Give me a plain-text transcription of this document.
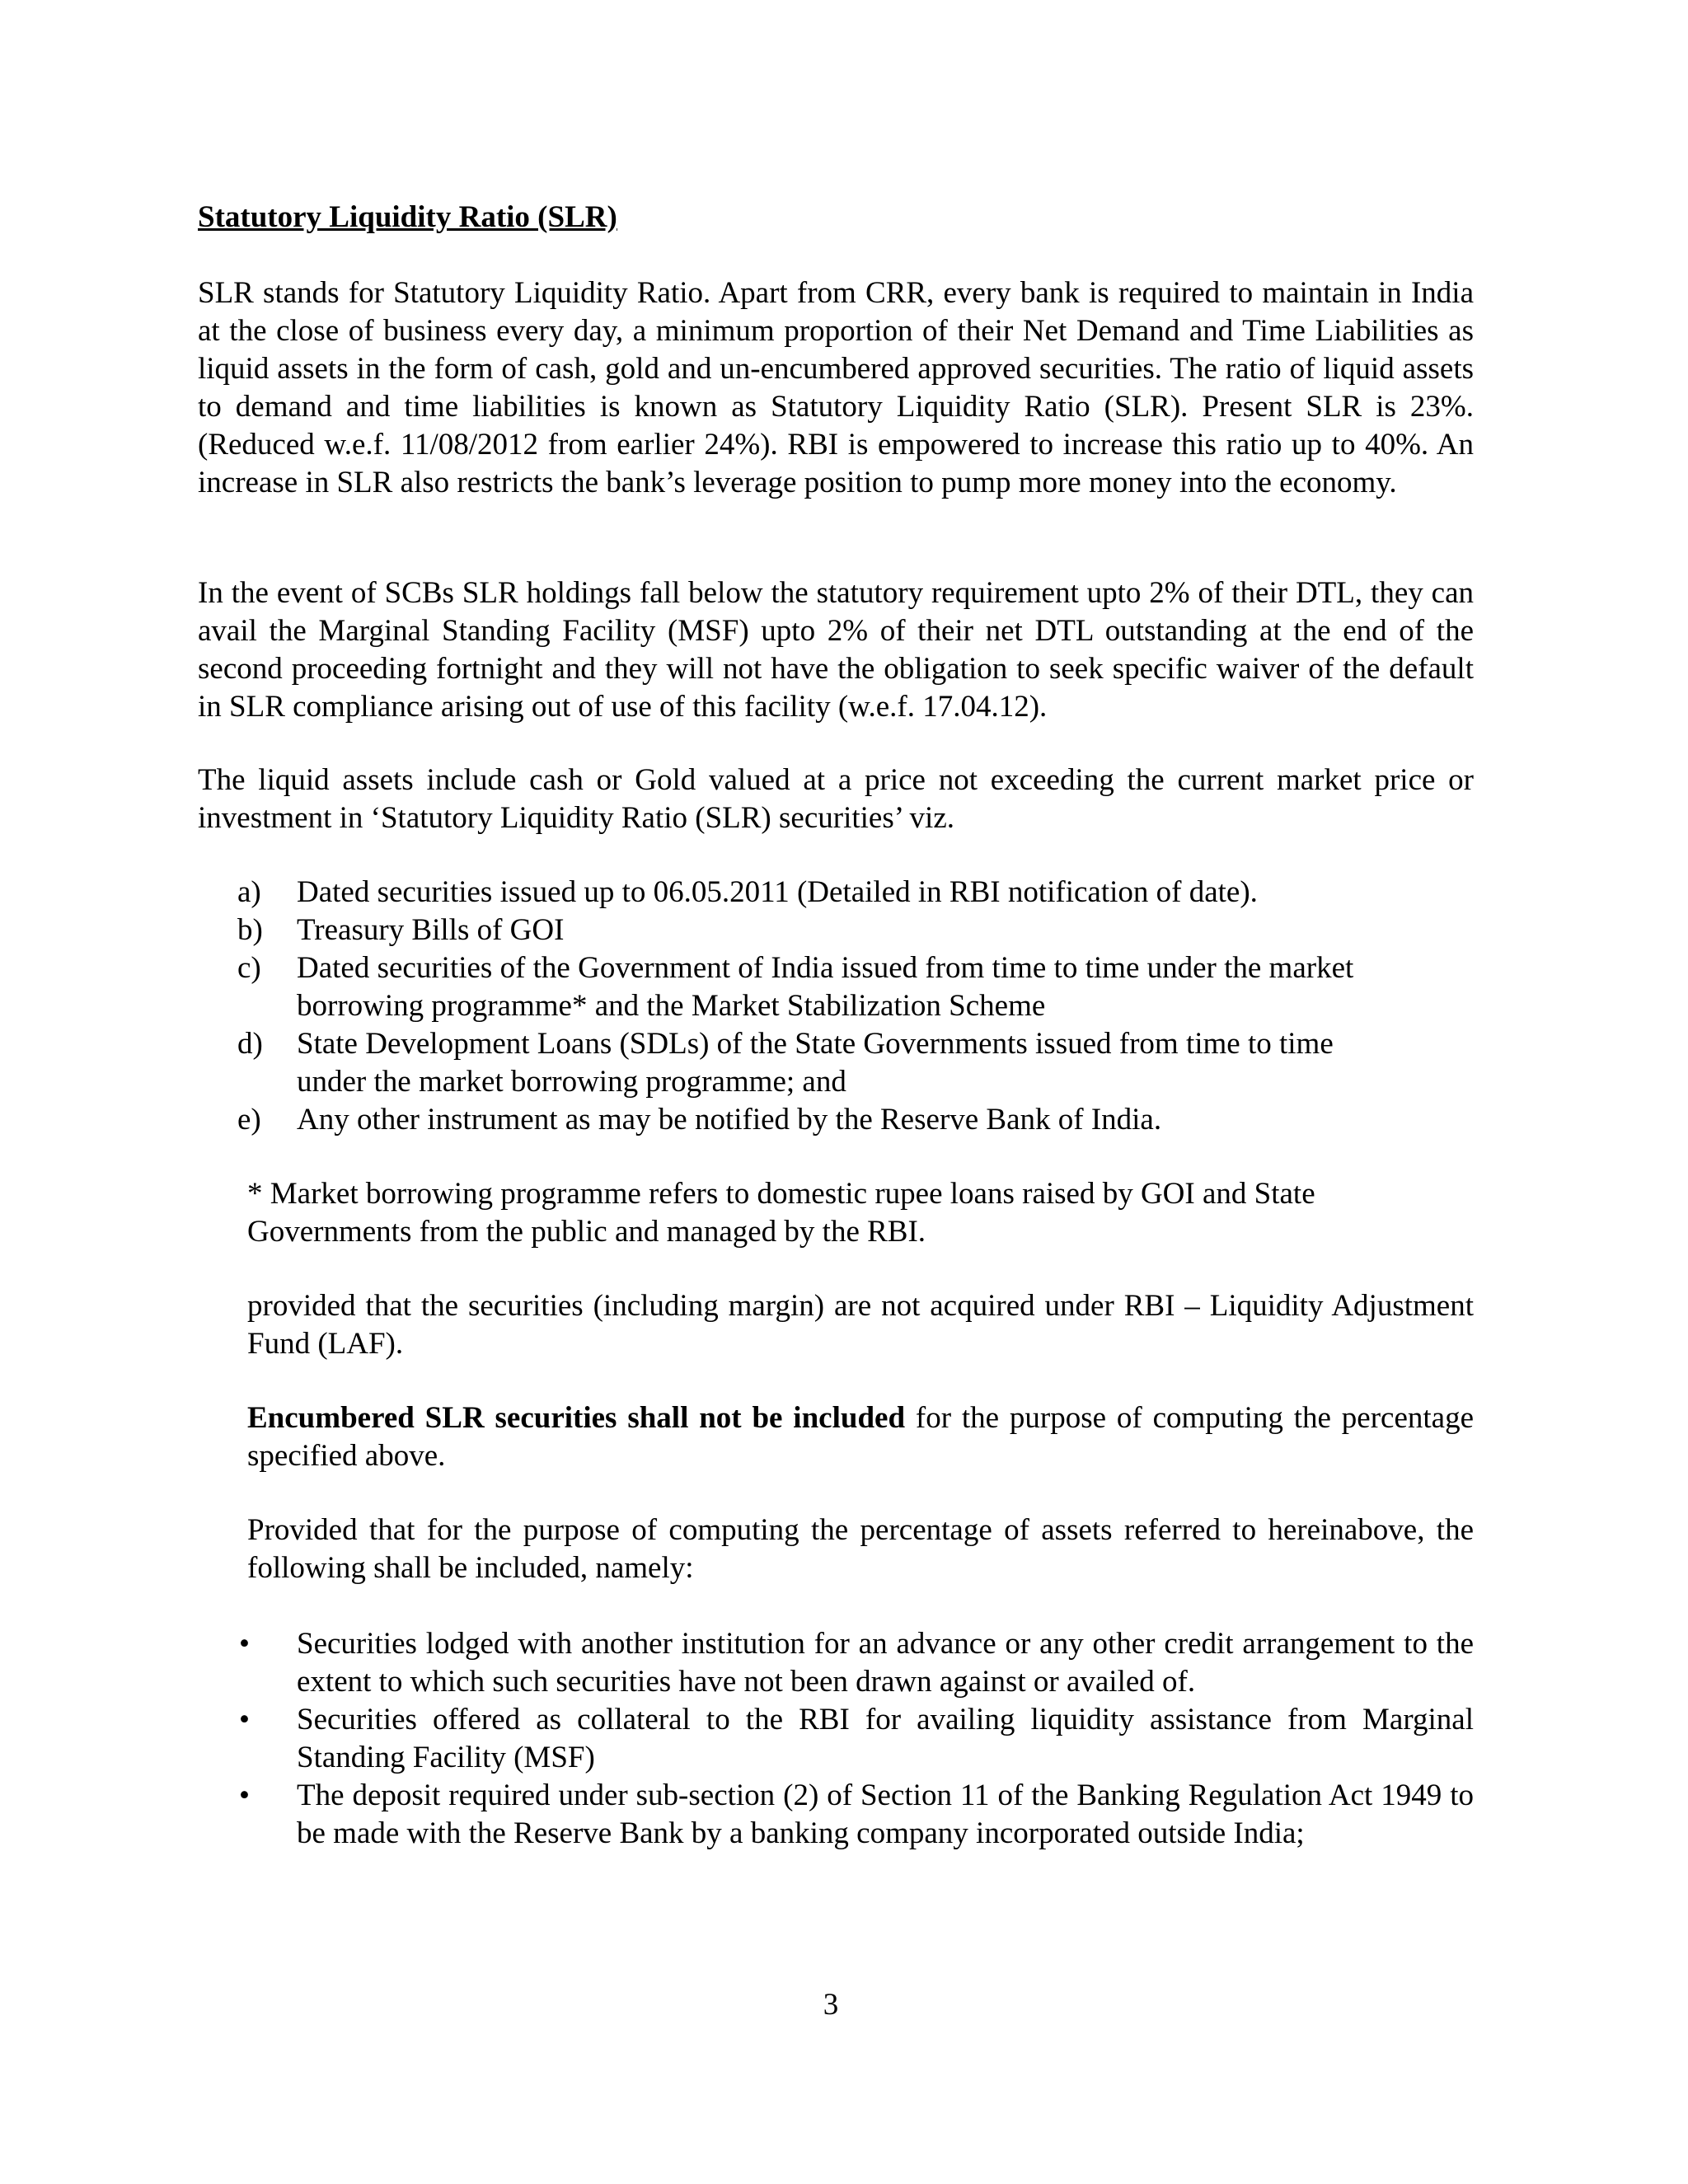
Statutory Liquidity Ratio (SLR)
SLR stands for Statutory Liquidity Ratio. Apart from CRR, every bank is required to maintain in India at the close of business every day, a minimum proportion of their Net Demand and Time Liabilities as liquid assets in the form of cash, gold and un-encumbered approved securities. The ratio of liquid assets to demand and time liabilities is known as Statutory Liquidity Ratio (SLR). Present SLR is 23%. (Reduced w.e.f. 11/08/2012 from earlier 24%). RBI is empowered to increase this ratio up to 40%. An increase in SLR also restricts the bank’s leverage position to pump more money into the economy.
In the event of SCBs SLR holdings fall below the statutory requirement upto 2% of their DTL, they can avail the Marginal Standing Facility (MSF) upto 2% of their net DTL outstanding at the end of the second proceeding fortnight and they will not have the obligation to seek specific waiver of the default in SLR compliance arising out of use of this facility (w.e.f. 17.04.12).
The liquid assets include cash or Gold valued at a price not exceeding the current market price or investment in ‘Statutory Liquidity Ratio (SLR) securities’ viz.
a) Dated securities issued up to 06.05.2011 (Detailed in RBI notification of date).
b) Treasury Bills of GOI
c) Dated securities of the Government of India issued from time to time under the market borrowing programme* and the Market Stabilization Scheme
d) State Development Loans (SDLs) of the State Governments issued from time to time under the market borrowing programme; and
e) Any other instrument as may be notified by the Reserve Bank of India.
* Market borrowing programme refers to domestic rupee loans raised by GOI and State Governments from the public and managed by the RBI.
provided that the securities (including margin) are not acquired under RBI – Liquidity Adjustment Fund (LAF).
Encumbered SLR securities shall not be included for the purpose of computing the percentage specified above.
Provided that for the purpose of computing the percentage of assets referred to hereinabove, the following shall be included, namely:
• Securities lodged with another institution for an advance or any other credit arrangement to the extent to which such securities have not been drawn against or availed of.
• Securities offered as collateral to the RBI for availing liquidity assistance from Marginal Standing Facility (MSF)
• The deposit required under sub-section (2) of Section 11 of the Banking Regulation Act 1949 to be made with the Reserve Bank by a banking company incorporated outside India;
3
